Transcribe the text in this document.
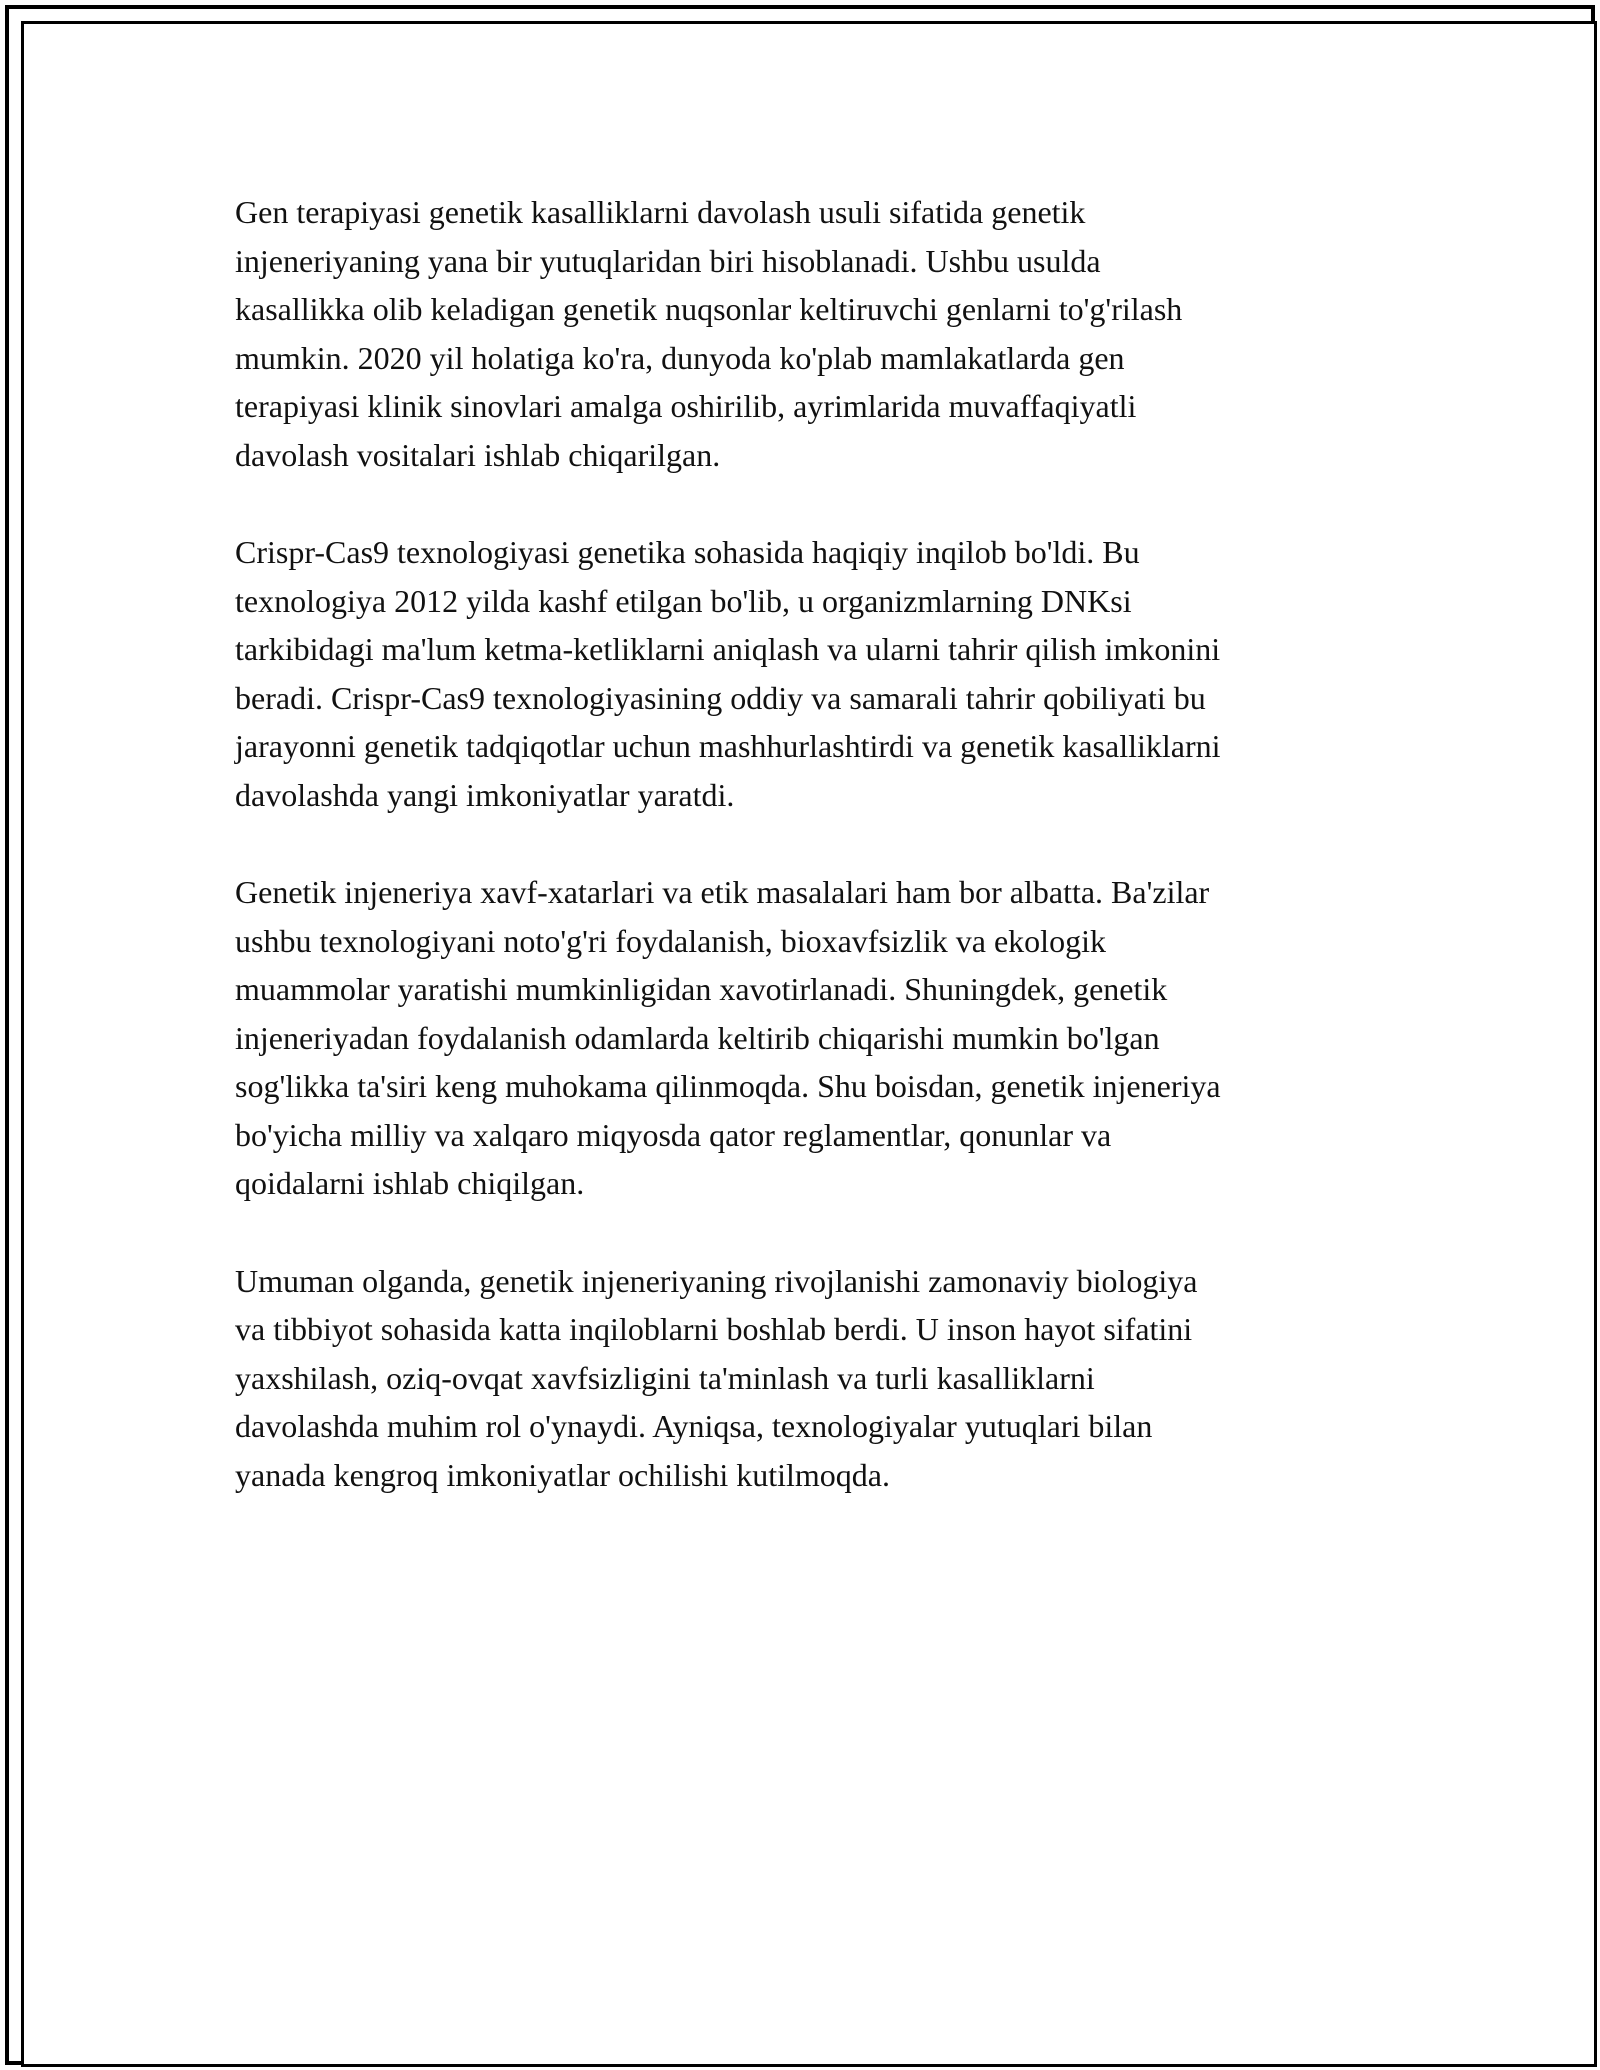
Gen terapiyasi genetik kasalliklarni davolash usuli sifatida genetik
injeneriyaning yana bir yutuqlaridan biri hisoblanadi. Ushbu usulda
kasallikka olib keladigan genetik nuqsonlar keltiruvchi genlarni to'g'rilash
mumkin. 2020 yil holatiga ko'ra, dunyoda ko'plab mamlakatlarda gen
terapiyasi klinik sinovlari amalga oshirilib, ayrimlarida muvaffaqiyatli
davolash vositalari ishlab chiqarilgan.

Crispr-Cas9 texnologiyasi genetika sohasida haqiqiy inqilob bo'ldi. Bu
texnologiya 2012 yilda kashf etilgan bo'lib, u organizmlarning DNKsi
tarkibidagi ma'lum ketma-ketliklarni aniqlash va ularni tahrir qilish imkonini
beradi. Crispr-Cas9 texnologiyasining oddiy va samarali tahrir qobiliyati bu
jarayonni genetik tadqiqotlar uchun mashhurlashtirdi va genetik kasalliklarni
davolashda yangi imkoniyatlar yaratdi.

Genetik injeneriya xavf-xatarlari va etik masalalari ham bor albatta. Ba'zilar
ushbu texnologiyani noto'g'ri foydalanish, bioxavfsizlik va ekologik
muammolar yaratishi mumkinligidan xavotirlanadi. Shuningdek, genetik
injeneriyadan foydalanish odamlarda keltirib chiqarishi mumkin bo'lgan
sog'likka ta'siri keng muhokama qilinmoqda. Shu boisdan, genetik injeneriya
bo'yicha milliy va xalqaro miqyosda qator reglamentlar, qonunlar va
qoidalarni ishlab chiqilgan.

Umuman olganda, genetik injeneriyaning rivojlanishi zamonaviy biologiya
va tibbiyot sohasida katta inqiloblarni boshlab berdi. U inson hayot sifatini
yaxshilash, oziq-ovqat xavfsizligini ta'minlash va turli kasalliklarni
davolashda muhim rol o'ynaydi. Ayniqsa, texnologiyalar yutuqlari bilan
yanada kengroq imkoniyatlar ochilishi kutilmoqda.
